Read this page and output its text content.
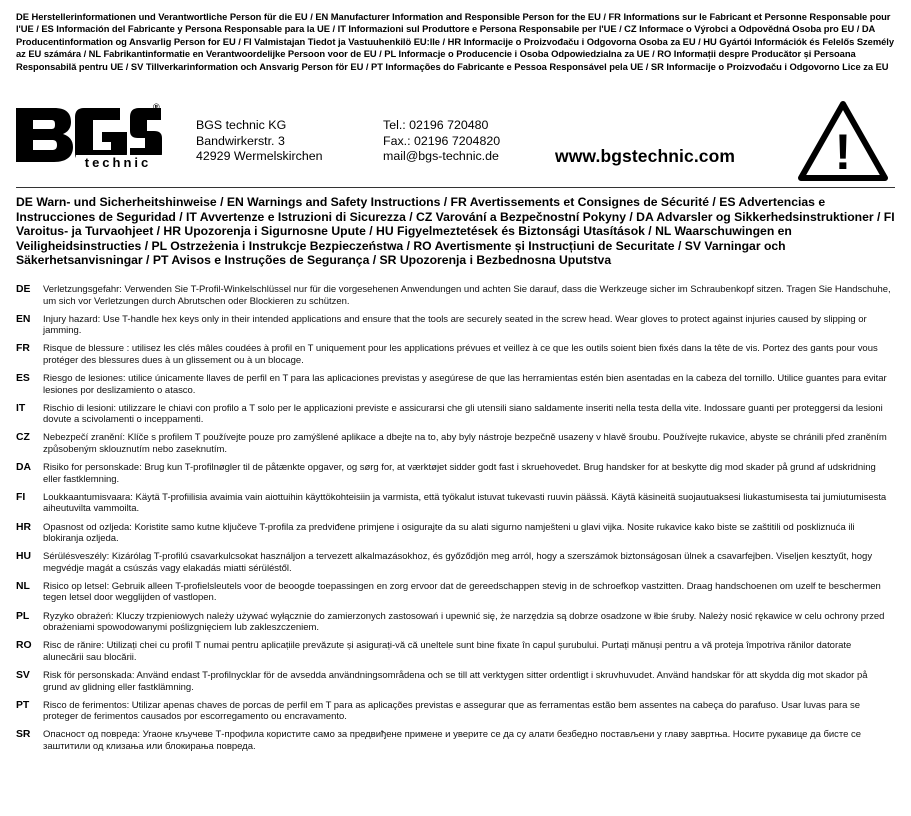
DE Herstellerinformationen und Verantwortliche Person für die EU / EN Manufacturer Information and Responsible Person for the EU / FR Informations sur le Fabricant et Personne Responsable pour l'UE / ES Información del Fabricante y Persona Responsable para la UE / IT Informazioni sul Produttore e Persona Responsabile per l'UE / CZ Informace o Výrobci a Odpovědná Osoba pro EU / DA Producentinformation og Ansvarlig Person for EU / FI Valmistajan Tiedot ja Vastuuhenkilö EU:lle / HR Informacije o Proizvođaču i Odgovorna Osoba za EU / HU Gyártói Információk és Felelős Személy az EU számára / NL Fabrikantinformatie en Verantwoordelijke Persoon voor de EU / PL Informacje o Producencie i Osoba Odpowiedzialna za UE / RO Informații despre Producător și Persoana Responsabilă pentru UE / SV Tillverkarinformation och Ansvarig Person för EU / PT Informações do Fabricante e Pessoa Responsável pela UE / SR Informacije o Proizvođaču i Odgovorno Lice za EU
®
technic
BGS technic KG
Bandwirkerstr. 3
42929 Wermelskirchen
Tel.: 02196 720480
Fax.: 02196 7204820
mail@bgs-technic.de	www.bgstechnic.com !
DE Warn- und Sicherheitshinweise / EN Warnings and Safety Instructions / FR Avertissements et Consignes de Sécurité / ES Advertencias e Instrucciones de Seguridad / IT Avvertenze e Istruzioni di Sicurezza / CZ Varování a Bezpečnostní Pokyny / DA Advarsler og Sikkerhedsinstruktioner / FI Varoitus- ja Turvaohjeet / HR Upozorenja i Sigurnosne Upute / HU Figyelmeztetések és Biztonsági Utasítások / NL Waarschuwingen en Veiligheidsinstructies / PL Ostrzeżenia i Instrukcje Bezpieczeństwa / RO Avertismente și Instrucțiuni de Securitate / SV Varningar och Säkerhetsanvisningar / PT Avisos e Instruções de Segurança / SR Upozorenja i Bezbednosna Uputstva
DE	Verletzungsgefahr: Verwenden Sie T-Profil-Winkelschlüssel nur für die vorgesehenen Anwendungen und achten Sie darauf, dass die Werkzeuge sicher im Schraubenkopf sitzen. Tragen Sie Handschuhe, um sich vor Verletzungen durch Abrutschen oder Blockieren zu schützen.
EN	Injury hazard: Use T-handle hex keys only in their intended applications and ensure that the tools are securely seated in the screw head. Wear gloves to protect against injuries caused by slipping or jamming.
FR	Risque de blessure : utilisez les clés mâles coudées à profil en T uniquement pour les applications prévues et veillez à ce que les outils soient bien fixés dans la tête de vis. Portez des gants pour vous protéger des blessures dues à un glissement ou à un blocage.
ES	Riesgo de lesiones: utilice únicamente llaves de perfil en T para las aplicaciones previstas y asegúrese de que las herramientas estén bien asentadas en la cabeza del tornillo. Utilice guantes para evitar lesiones por deslizamiento o atasco.
IT	Rischio di lesioni: utilizzare le chiavi con profilo a T solo per le applicazioni previste e assicurarsi che gli utensili siano saldamente inseriti nella testa della vite. Indossare guanti per proteggersi da lesioni dovute a scivolamenti o inceppamenti.
CZ	Nebezpečí zranění: Klíče s profilem T používejte pouze pro zamýšlené aplikace a dbejte na to, aby byly nástroje bezpečně usazeny v hlavě šroubu. Používejte rukavice, abyste se chránili před zraněním způsobeným sklouznutím nebo zaseknutím.
DA	Risiko for personskade: Brug kun T-profilnøgler til de påtænkte opgaver, og sørg for, at værktøjet sidder godt fast i skruehovedet. Brug handsker for at beskytte dig mod skader på grund af udskridning eller fastklemning.
FI	Loukkaantumisvaara: Käytä T-profiilisia avaimia vain aiottuihin käyttökohteisiin ja varmista, että työkalut istuvat tukevasti ruuvin päässä. Käytä käsineitä suojautuaksesi liukastumisesta tai jumiutumisesta aiheutuvilta vammoilta.
HR	Opasnost od ozljeda: Koristite samo kutne ključeve T-profila za predviđene primjene i osigurajte da su alati sigurno namješteni u glavi vijka. Nosite rukavice kako biste se zaštitili od poskliznuća ili blokiranja ozljeda.
HU	Sérülésveszély: Kizárólag T-profilú csavarkulcsokat használjon a tervezett alkalmazásokhoz, és győződjön meg arról, hogy a szerszámok biztonságosan ülnek a csavarfejben. Viseljen kesztyűt, hogy megvédje magát a csúszás vagy elakadás miatti sérüléstől.
NL	Risico op letsel: Gebruik alleen T-profielsleutels voor de beoogde toepassingen en zorg ervoor dat de gereedschappen stevig in de schroefkop vastzitten. Draag handschoenen om uzelf te beschermen tegen letsel door wegglijden of vastlopen.
PL	Ryzyko obrażeń: Kluczy trzpieniowych należy używać wyłącznie do zamierzonych zastosowań i upewnić się, że narzędzia są dobrze osadzone w łbie śruby. Należy nosić rękawice w celu ochrony przed obrażeniami spowodowanymi poślizgnięciem lub zakleszczeniem.
RO	Risc de rănire: Utilizați chei cu profil T numai pentru aplicațiile prevăzute și asigurați-vă că uneltele sunt bine fixate în capul șurubului. Purtați mănuși pentru a vă proteja împotriva rănilor datorate alunecării sau blocării.
SV	Risk för personskada: Använd endast T-profilnycklar för de avsedda användningsområdena och se till att verktygen sitter ordentligt i skruvhuvudet. Använd handskar för att skydda dig mot skador på grund av glidning eller fastklämning.
PT	Risco de ferimentos: Utilizar apenas chaves de porcas de perfil em T para as aplicações previstas e assegurar que as ferramentas estão bem assentes na cabeça do parafuso. Usar luvas para se proteger de ferimentos causados por escorregamento ou encravamento.
SR	Опасност од повреда: Угаоне кључеве Т-профила користите само за предвиђене примене и уверите се да су алати безбедно постављени у главу завртња. Носите рукавице да бисте се заштитили од клизања или блокирања повреда.
